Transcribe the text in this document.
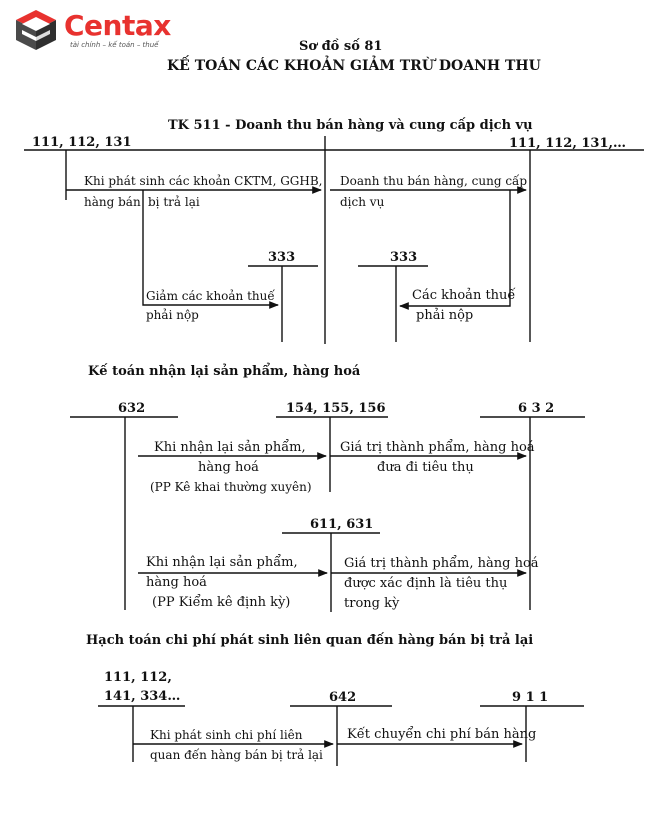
Centax
tài chính – kế toán – thuế	Sơ đồ số 81
KẾ TOÁN CÁC KHOẢN GIẢM TRỪ DOANH THU
TK 511 - Doanh thu bán hàng và cung cấp dịch vụ
111, 112, 131	111, 112, 131,…
Khi phát sinh các khoản CKTM, GGHB,
hàng bán bị trả lại
Doanh thu bán hàng, cung cấp
dịch vụ
333	333
Giảm các khoản thuế
phải nộp
Các khoản thuế
phải nộp
Kế toán nhận lại sản phẩm, hàng hoá
632	154, 155, 156	6 3 2
Khi nhận lại sản phẩm,
hàng hoá
(PP Kê khai thường xuyên)
Giá trị thành phẩm, hàng hoá
đưa đi tiêu thụ
611, 631
Khi nhận lại sản phẩm,
hàng hoá
(PP Kiểm kê định kỳ)
Giá trị thành phẩm, hàng hoá
được xác định là tiêu thụ
trong kỳ
Hạch toán chi phí phát sinh liên quan đến hàng bán bị trả lại
111, 112,
141, 334…	642	9 1 1
Khi phát sinh chi phí liên
quan đến hàng bán bị trả lại
Kết chuyển chi phí bán hàng
